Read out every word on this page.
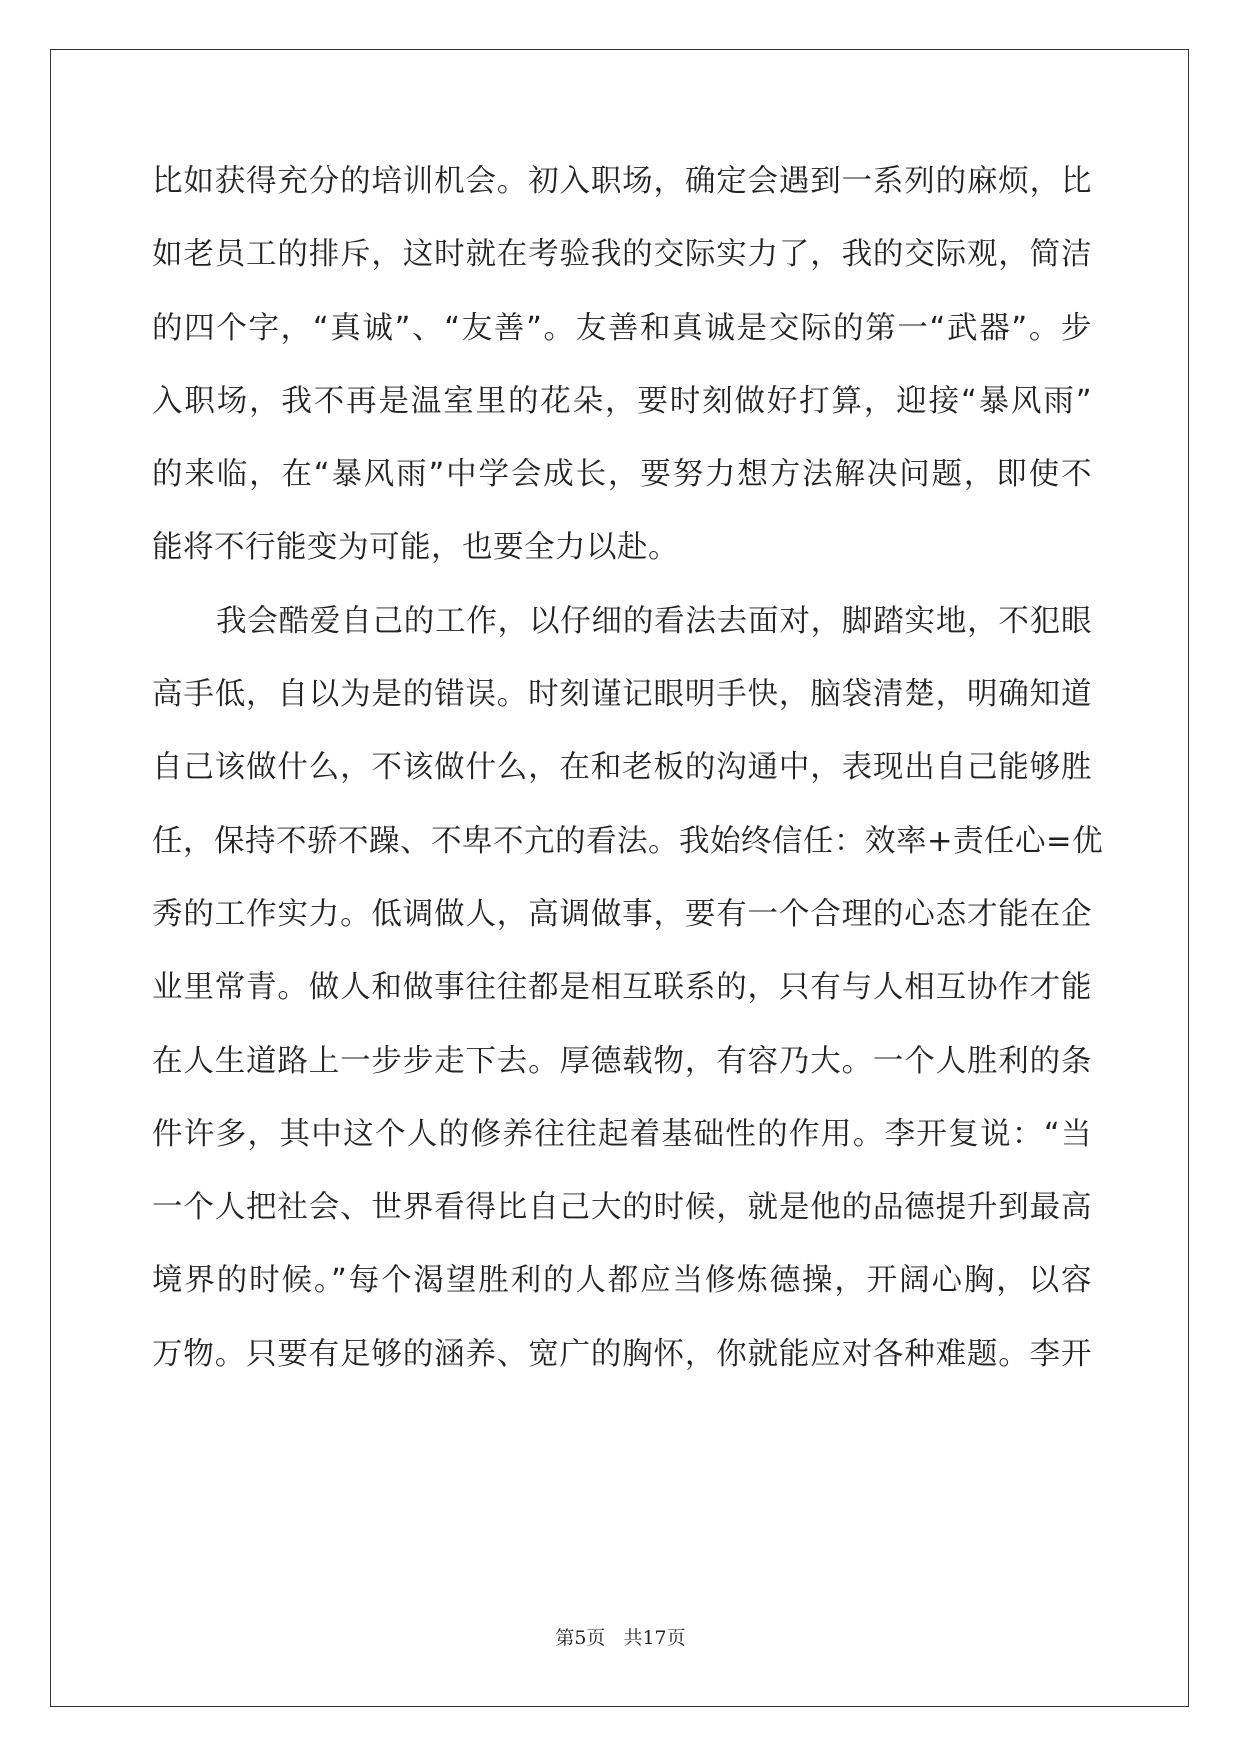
比如获得充分的培训机会。初入职场，确定会遇到一系列的麻烦，比
如老员工的排斥，这时就在考验我的交际实力了，我的交际观，简洁
的四个字，“真诚”、“友善”。友善和真诚是交际的第一“武器”。步
入职场，我不再是温室里的花朵，要时刻做好打算，迎接“暴风雨”
的来临，在“暴风雨”中学会成长，要努力想方法解决问题，即使不
能将不行能变为可能，也要全力以赴。
我会酷爱自己的工作，以仔细的看法去面对，脚踏实地，不犯眼
高手低，自以为是的错误。时刻谨记眼明手快，脑袋清楚，明确知道
自己该做什么，不该做什么，在和老板的沟通中，表现出自己能够胜
任，保持不骄不躁、不卑不亢的看法。我始终信任：效率+责任心=优
秀的工作实力。低调做人，高调做事，要有一个合理的心态才能在企
业里常青。做人和做事往往都是相互联系的，只有与人相互协作才能
在人生道路上一步步走下去。厚德载物，有容乃大。一个人胜利的条
件许多，其中这个人的修养往往起着基础性的作用。李开复说：“当
一个人把社会、世界看得比自己大的时候，就是他的品德提升到最高
境界的时候。”每个渴望胜利的人都应当修炼德操，开阔心胸，以容
万物。只要有足够的涵养、宽广的胸怀，你就能应对各种难题。李开
第5页 共17页
